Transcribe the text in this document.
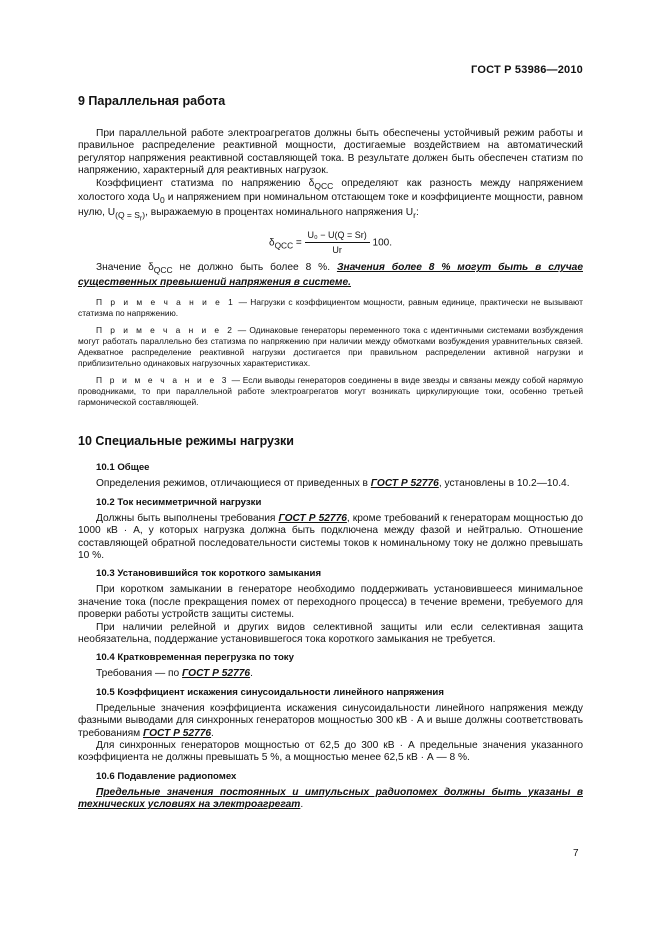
ГОСТ Р 53986—2010
9 Параллельная работа

При параллельной работе электроагрегатов должны быть обеспечены устойчивый режим работы и правильное распределение реактивной мощности, достигаемые воздействием на автоматический регулятор напряжения реактивной составляющей тока. В результате должен быть обеспечен статизм по напряжению, характерный для реактивных нагрузок.

Коэффициент статизма по напряжению $\delta_{QCC}$ определяют как разность между напряжением холостого хода $U_0$ и напряжением при номинальном отстающем токе и коэффициенте мощности, равном нулю, $U_{(Q = S_r)}$, выражаемую в процентах номинального напряжения $U_r$:

$\delta_{QCC} = \frac{\text{U₀ − U(Q = Sr)}}{Ur} 100$.

Значение $\delta_{QCC}$ не должно быть более 8 %. Значения более 8 % могут быть в случае существенных превышений напряжения в системе.

П р и м е ч а н и е 1 — Нагрузки с коэффициентом мощности, равным единице, практически не вызывают статизма по напряжению.

П р и м е ч а н и е 2 — Одинаковые генераторы переменного тока с идентичными системами возбуждения могут работать параллельно без статизма по напряжению при наличии между обмотками возбуждения уравнительных связей. Адекватное распределение реактивной нагрузки достигается при правильном распределении активной нагрузки и приблизительно одинаковых нагрузочных характеристиках.

П р и м е ч а н и е 3 — Если выводы генераторов соединены в виде звезды и связаны между собой нарямую проводниками, то при параллельной работе электроагрегатов могут возникать циркулирующие токи, особенно третьей гармонической составляющей.

10 Специальные режимы нагрузки
10.1 Общее

Определения режимов, отличающиеся от приведенных в ГОСТ Р 52776, установлены в 10.2—10.4.

10.2 Ток несимметричной нагрузки

Должны быть выполнены требования ГОСТ Р 52776, кроме требований к генераторам мощностью до 1000 кВ · А, у которых нагрузка должна быть подключена между фазой и нейтралью. Отношение составляющей обратной последовательности системы токов к номинальному току не должно превышать 10 %.

10.3 Установившийся ток короткого замыкания

При коротком замыкании в генераторе необходимо поддерживать установившееся минимальное значение тока (после прекращения помех от переходного процесса) в течение времени, требуемого для проверки работы устройств защиты системы.

При наличии релейной и других видов селективной защиты или если селективная защита необязательна, поддержание установившегося тока короткого замыкания не требуется.

10.4 Кратковременная перегрузка по току

Требования — по ГОСТ Р 52776.

10.5 Коэффициент искажения синусоидальности линейного напряжения

Предельные значения коэффициента искажения синусоидальности линейного напряжения между фазными выводами для синхронных генераторов мощностью 300 кВ · А и выше должны соответствовать требованиям ГОСТ Р 52776.

Для синхронных генераторов мощностью от 62,5 до 300 кВ · А предельные значения указанного коэффициента не должны превышать 5 %, а мощностью менее 62,5 кВ · А — 8 %.

10.6 Подавление радиопомех

Предельные значения постоянных и импульсных радиопомех должны быть указаны в технических условиях на электроагрегат.

7
